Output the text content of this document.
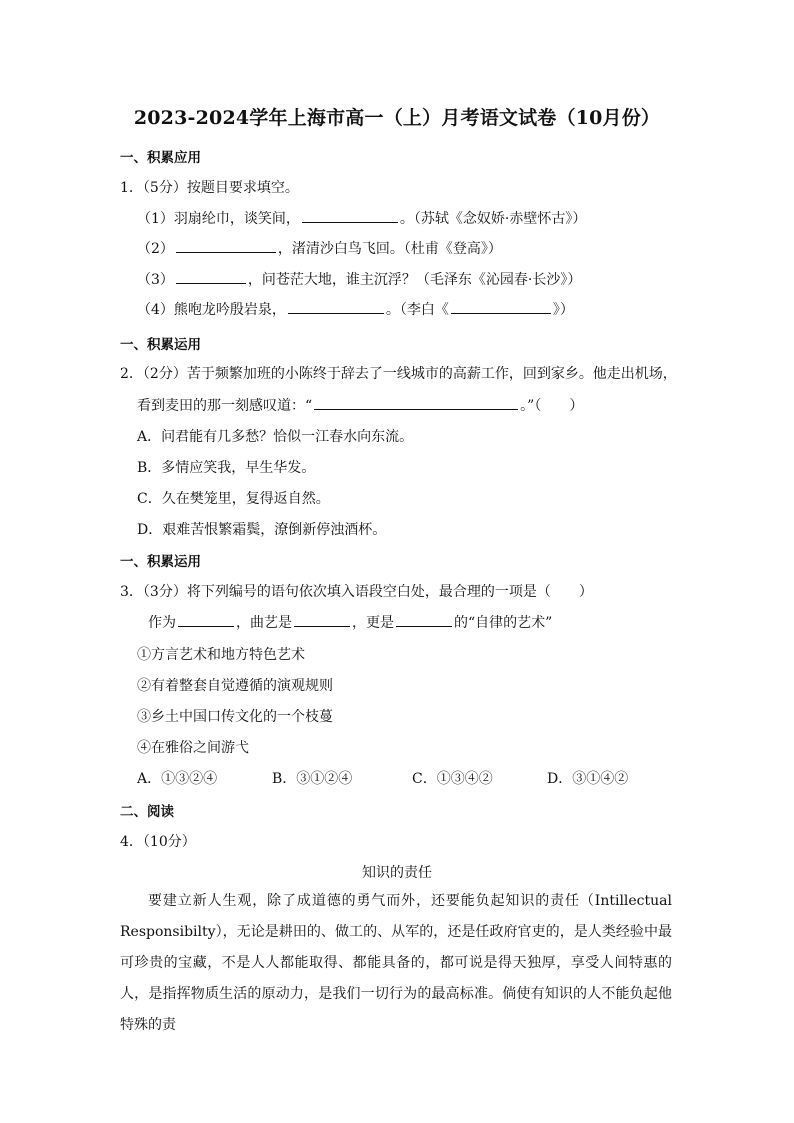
2023-2024学年上海市高一（上）月考语文试卷（10月份）
一、积累应用
1．（5分）按题目要求填空。
（1）羽扇纶巾，谈笑间，	。（苏轼《念奴娇·赤壁怀古》）
（2）	，渚清沙白鸟飞回。（杜甫《登高》）
（3）	，问苍茫大地，谁主沉浮？（毛泽东《沁园春·长沙》）
（4）熊咆龙吟殷岩泉，	。（李白《	》）
一、积累运用
2．（2分）苦于频繁加班的小陈终于辞去了一线城市的高薪工作，回到家乡。他走出机场，
看到麦田的那一刻感叹道：“	。”（　　）
A．问君能有几多愁？恰似一江春水向东流。
B．多情应笑我，早生华发。
C．久在樊笼里，复得返自然。
D．艰难苦恨繁霜鬓，潦倒新停浊酒杯。
一、积累运用
3．（3分）将下列编号的语句依次填入语段空白处，最合理的一项是（　　）
作为	，曲艺是	，更是	的“自律的艺术”
①方言艺术和地方特色艺术
②有着整套自觉遵循的演观规则
③乡土中国口传文化的一个枝蔓
④在雅俗之间游弋
A．①③②④	B．③①②④	C．①③④②	D．③①④②
二、阅读
4．（10分）
知识的责任
要建立新人生观，除了成道德的勇气而外，还要能负起知识的责任（Intillectual Responsibilty），无论是耕田的、做工的、从军的，还是任政府官吏的，是人类经验中最可珍贵的宝藏，不是人人都能取得、都能具备的，都可说是得天独厚，享受人间特惠的人，是指挥物质生活的原动力，是我们一切行为的最高标准。倘使有知识的人不能负起他特殊的责
